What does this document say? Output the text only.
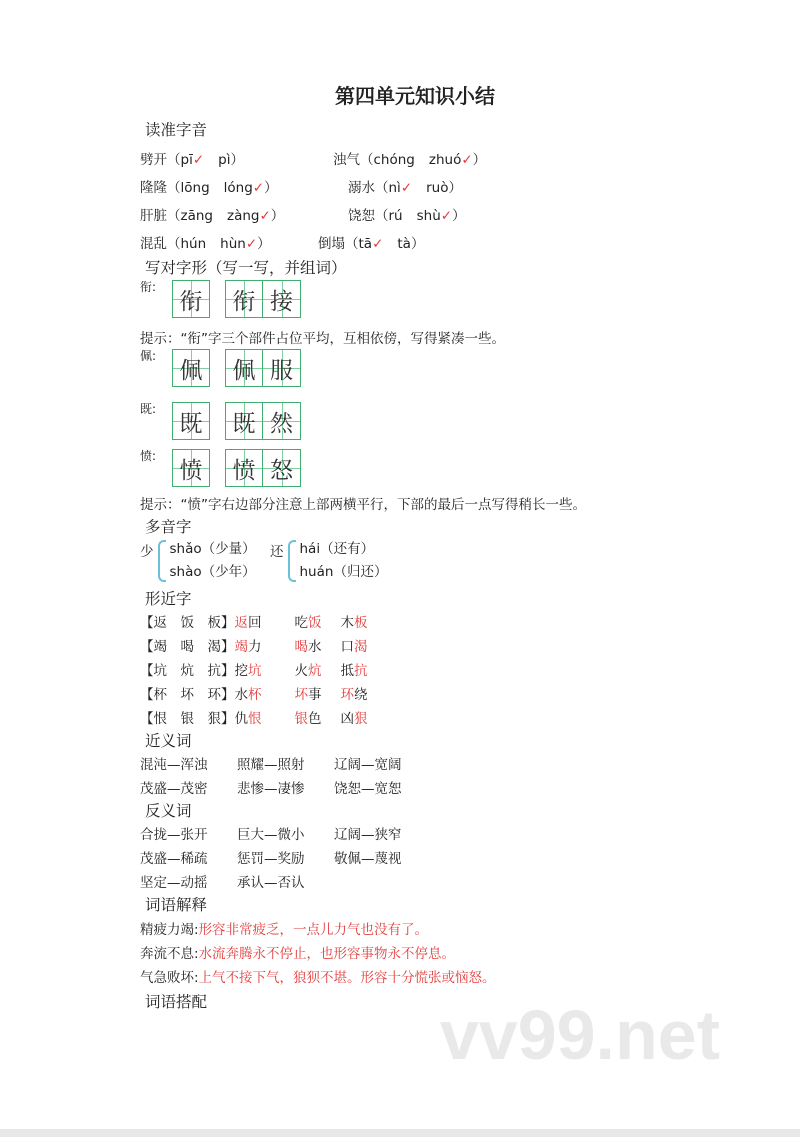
第四单元知识小结
读准字音
写对字形（写一写，并组词）
提示：“衔”字三个部件占位平均，互相依傍，写得紧凑一些。
提示：“愤”字右边部分注意上部两横平行，下部的最后一点写得稍长一些。
多音字
形近字
近义词
反义词
词语解释
词语搭配	vv99.net
劈开（pī✓ pì）	浊气（chóng zhuó✓）
隆隆（lōng lóng✓）	溺水（nì✓ ruò）
肝脏（zāng zàng✓）	饶恕（rú shù✓）
混乱（hún hùn✓）	倒塌（tā✓ tà）
衔:
衔 衔 接
佩:
佩 佩 服
既:
既 既 然
愤:
愤 愤 怒
少 shǎo（少量）
shào（少年）
还 hái（还有）
huán（归还）
【返　饭　板】返回 吃饭 木板
【竭　喝　渴】竭力 喝水 口渴
【坑　炕　抗】挖坑 火炕 抵抗
【杯　坏　环】水杯 坏事 环绕
【恨　银　狠】仇恨 银色 凶狠
混沌—浑浊 照耀—照射 辽阔—宽阔
茂盛—茂密 悲惨—凄惨 饶恕—宽恕
合拢—张开 巨大—微小 辽阔—狭窄
茂盛—稀疏 惩罚—奖励 敬佩—蔑视
坚定—动摇 承认—否认
精疲力竭:形容非常疲乏，一点儿力气也没有了。
奔流不息:水流奔腾永不停止，也形容事物永不停息。
气急败坏:上气不接下气，狼狈不堪。形容十分慌张或恼怒。
